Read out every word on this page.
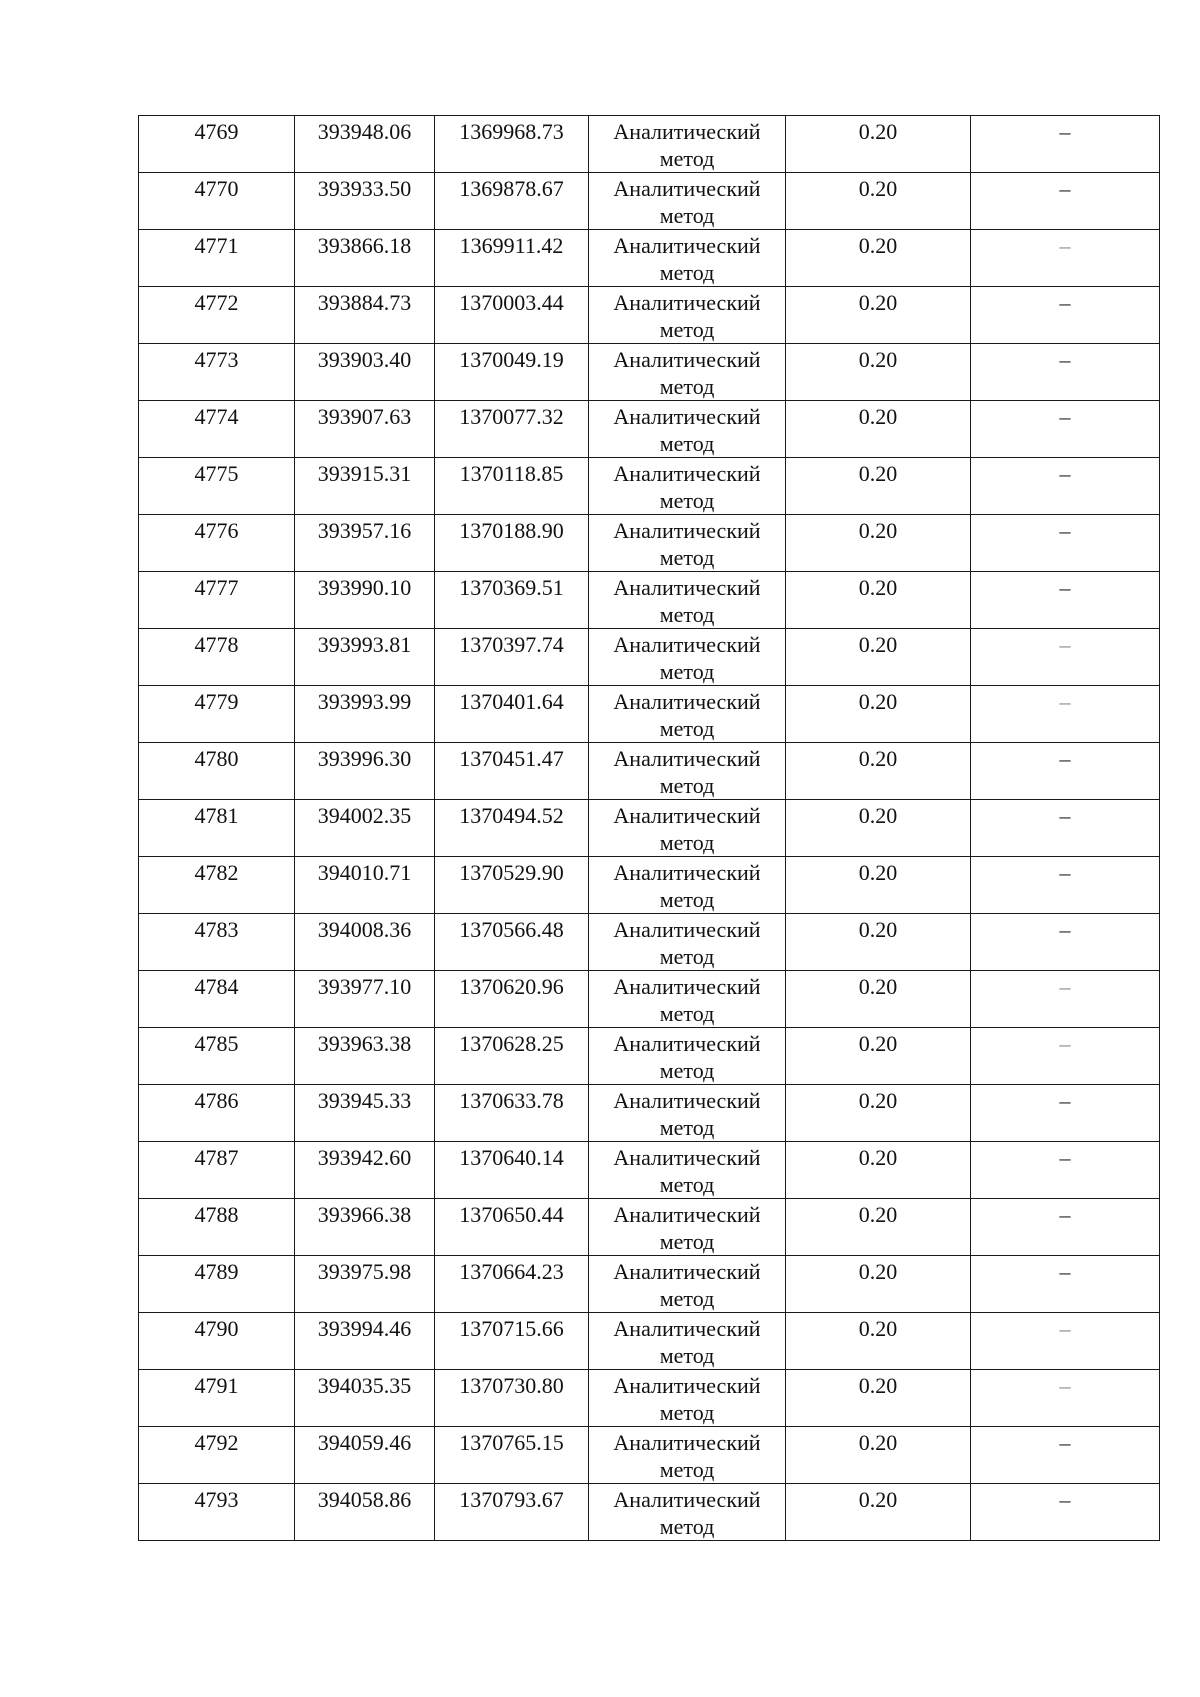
4769	393948.06	1369968.73	Аналитический метод	0.20	–
4770	393933.50	1369878.67	Аналитический метод	0.20	–
4771	393866.18	1369911.42	Аналитический метод	0.20	–
4772	393884.73	1370003.44	Аналитический метод	0.20	–
4773	393903.40	1370049.19	Аналитический метод	0.20	–
4774	393907.63	1370077.32	Аналитический метод	0.20	–
4775	393915.31	1370118.85	Аналитический метод	0.20	–
4776	393957.16	1370188.90	Аналитический метод	0.20	–
4777	393990.10	1370369.51	Аналитический метод	0.20	–
4778	393993.81	1370397.74	Аналитический метод	0.20	–
4779	393993.99	1370401.64	Аналитический метод	0.20	–
4780	393996.30	1370451.47	Аналитический метод	0.20	–
4781	394002.35	1370494.52	Аналитический метод	0.20	–
4782	394010.71	1370529.90	Аналитический метод	0.20	–
4783	394008.36	1370566.48	Аналитический метод	0.20	–
4784	393977.10	1370620.96	Аналитический метод	0.20	–
4785	393963.38	1370628.25	Аналитический метод	0.20	–
4786	393945.33	1370633.78	Аналитический метод	0.20	–
4787	393942.60	1370640.14	Аналитический метод	0.20	–
4788	393966.38	1370650.44	Аналитический метод	0.20	–
4789	393975.98	1370664.23	Аналитический метод	0.20	–
4790	393994.46	1370715.66	Аналитический метод	0.20	–
4791	394035.35	1370730.80	Аналитический метод	0.20	–
4792	394059.46	1370765.15	Аналитический метод	0.20	–
4793	394058.86	1370793.67	Аналитический метод	0.20	–
